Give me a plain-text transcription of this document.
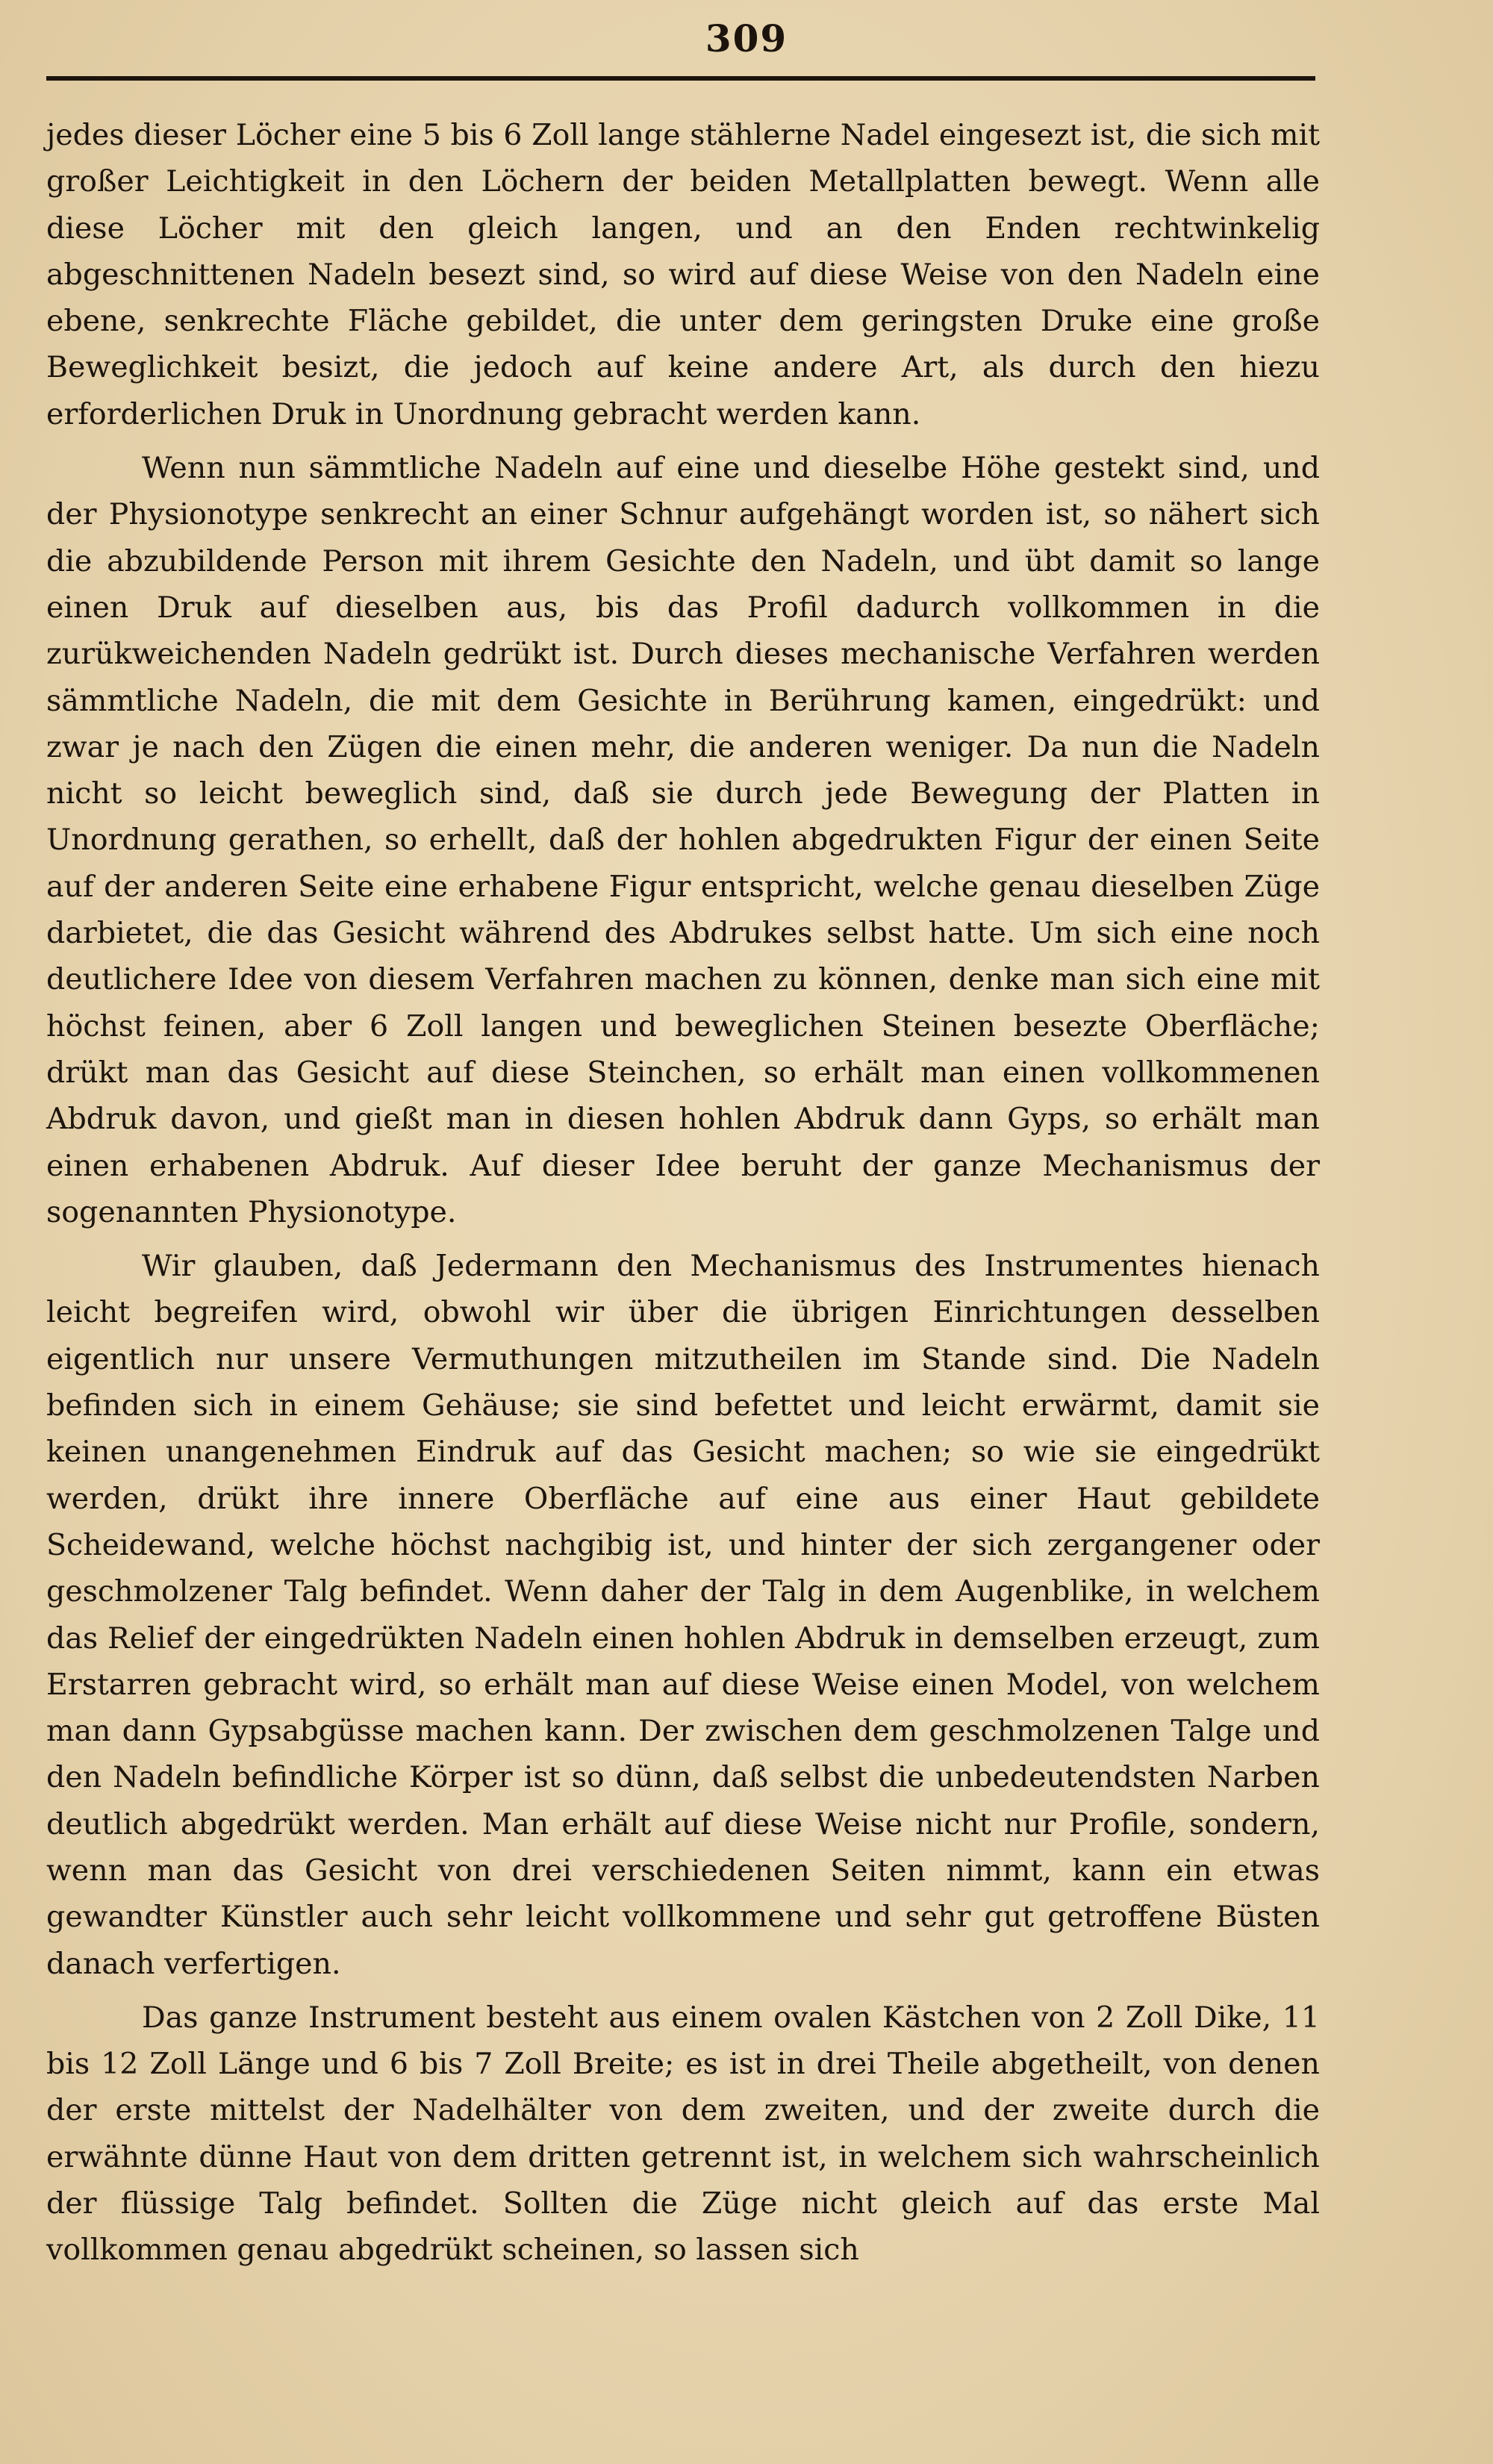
309

jedes dieser Löcher eine 5 bis 6 Zoll lange stählerne Nadel eingesezt ist, die sich mit großer Leichtigkeit in den Löchern der beiden Metallplatten bewegt. Wenn alle diese Löcher mit den gleich langen, und an den Enden rechtwinkelig abgeschnittenen Nadeln besezt sind, so wird auf diese Weise von den Nadeln eine ebene, senkrechte Fläche gebildet, die unter dem geringsten Druke eine große Beweglichkeit besizt, die jedoch auf keine andere Art, als durch den hiezu erforderlichen Druk in Unordnung gebracht werden kann.

Wenn nun sämmtliche Nadeln auf eine und dieselbe Höhe gestekt sind, und der Physionotype senkrecht an einer Schnur aufgehängt worden ist, so nähert sich die abzubildende Person mit ihrem Gesichte den Nadeln, und übt damit so lange einen Druk auf dieselben aus, bis das Profil dadurch vollkommen in die zurükweichenden Nadeln gedrükt ist. Durch dieses mechanische Verfahren werden sämmtliche Nadeln, die mit dem Gesichte in Berührung kamen, eingedrükt: und zwar je nach den Zügen die einen mehr, die anderen weniger. Da nun die Nadeln nicht so leicht beweglich sind, daß sie durch jede Bewegung der Platten in Unordnung gerathen, so erhellt, daß der hohlen abgedrukten Figur der einen Seite auf der anderen Seite eine erhabene Figur entspricht, welche genau dieselben Züge darbietet, die das Gesicht während des Abdrukes selbst hatte. Um sich eine noch deutlichere Idee von diesem Verfahren machen zu können, denke man sich eine mit höchst feinen, aber 6 Zoll langen und beweglichen Steinen besezte Oberfläche; drükt man das Gesicht auf diese Steinchen, so erhält man einen vollkommenen Abdruk davon, und gießt man in diesen hohlen Abdruk dann Gyps, so erhält man einen erhabenen Abdruk. Auf dieser Idee beruht der ganze Mechanismus der sogenannten Physionotype.

Wir glauben, daß Jedermann den Mechanismus des Instrumentes hienach leicht begreifen wird, obwohl wir über die übrigen Einrichtungen desselben eigentlich nur unsere Vermuthungen mitzutheilen im Stande sind. Die Nadeln befinden sich in einem Gehäuse; sie sind befettet und leicht erwärmt, damit sie keinen unangenehmen Eindruk auf das Gesicht machen; so wie sie eingedrükt werden, drükt ihre innere Oberfläche auf eine aus einer Haut gebildete Scheidewand, welche höchst nachgibig ist, und hinter der sich zergangener oder geschmolzener Talg befindet. Wenn daher der Talg in dem Augenblike, in welchem das Relief der eingedrükten Nadeln einen hohlen Abdruk in demselben erzeugt, zum Erstarren gebracht wird, so erhält man auf diese Weise einen Model, von welchem man dann Gypsabgüsse machen kann. Der zwischen dem geschmolzenen Talge und den Nadeln befindliche Körper ist so dünn, daß selbst die unbedeutendsten Narben deutlich abgedrükt werden. Man erhält auf diese Weise nicht nur Profile, sondern, wenn man das Gesicht von drei verschiedenen Seiten nimmt, kann ein etwas gewandter Künstler auch sehr leicht vollkommene und sehr gut getroffene Büsten danach verfertigen.

Das ganze Instrument besteht aus einem ovalen Kästchen von 2 Zoll Dike, 11 bis 12 Zoll Länge und 6 bis 7 Zoll Breite; es ist in drei Theile abgetheilt, von denen der erste mittelst der Nadelhälter von dem zweiten, und der zweite durch die erwähnte dünne Haut von dem dritten getrennt ist, in welchem sich wahrscheinlich der flüssige Talg befindet. Sollten die Züge nicht gleich auf das erste Mal vollkommen genau abgedrükt scheinen, so lassen sich
